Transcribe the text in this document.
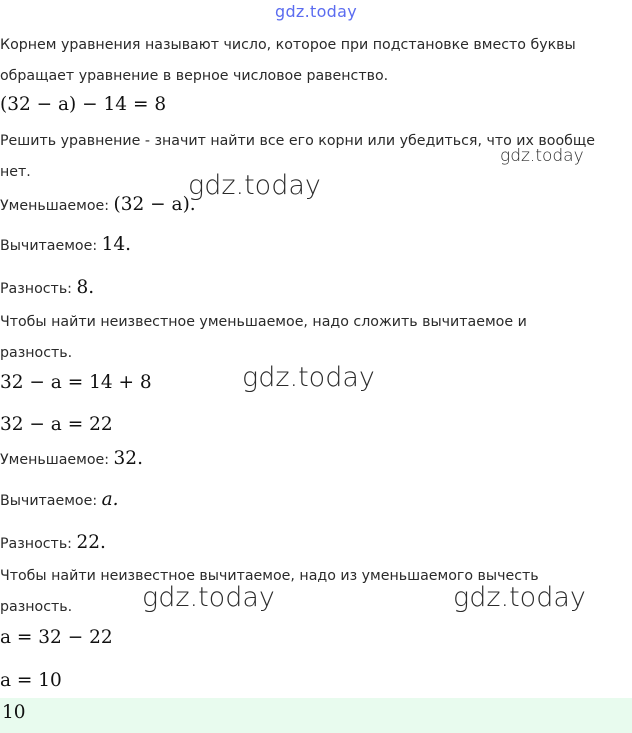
gdz.today

Корнем уравнения называют число, которое при подстановке вместо буквы

обращает уравнение в верное числовое равенство.

(32 − a) − 14 = 8

Решить уравнение - значит найти все его корни или убедиться, что их вообще

нет.

Уменьшаемое: (32 − a).

Вычитаемое: 14.

Разность: 8.

Чтобы найти неизвестное уменьшаемое, надо сложить вычитаемое и

разность.

32 − a = 14 + 8

32 − a = 22

Уменьшаемое: 32.

Вычитаемое: a.

Разность: 22.

Чтобы найти неизвестное вычитаемое, надо из уменьшаемого вычесть

разность.

a = 32 − 22

a = 10

10
gdz.today
gdz.today
gdz.today
gdz.today	gdz.today
